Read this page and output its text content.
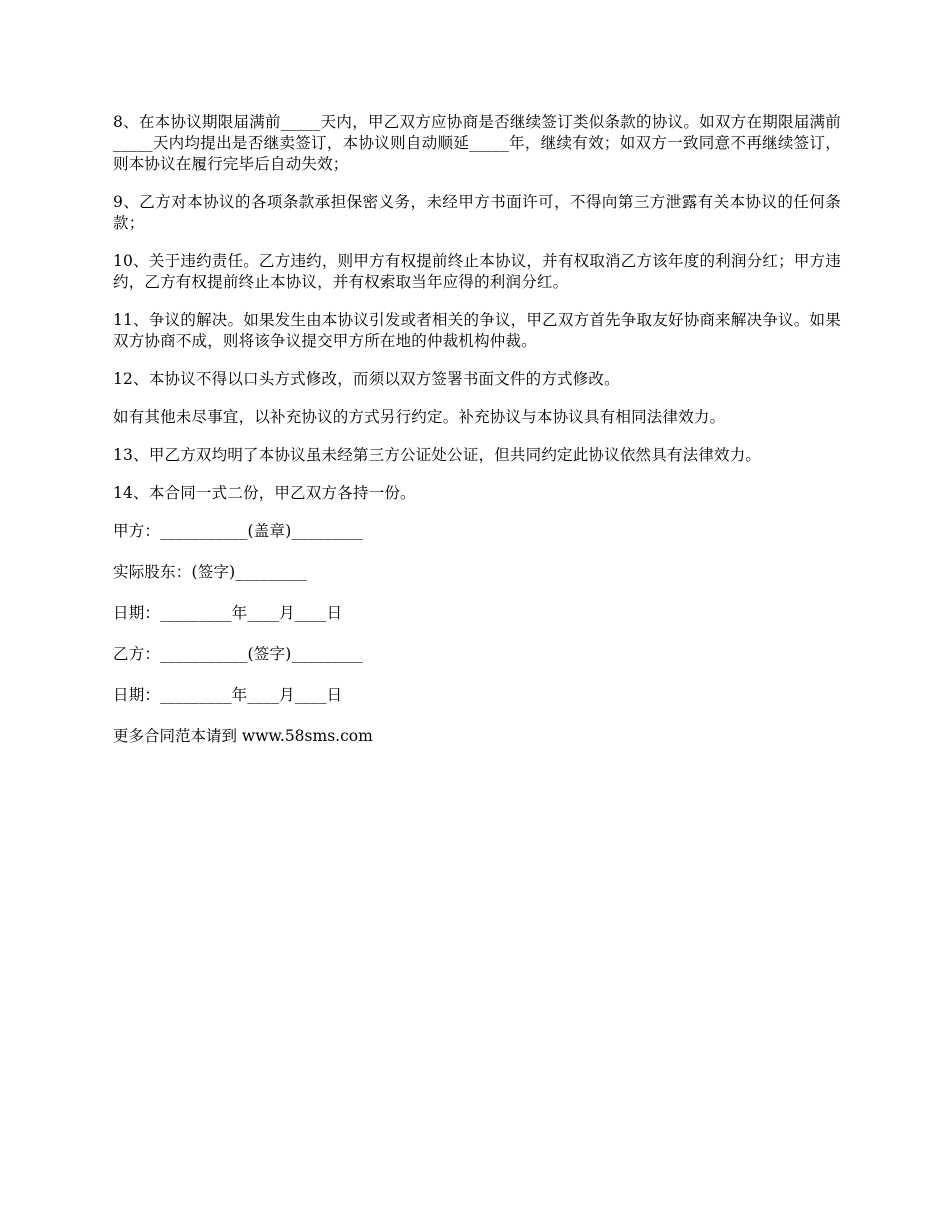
8、在本协议期限届满前_____天内，甲乙双方应协商是否继续签订类似条款的协议。如双方在期限届满前_____天内均提出是否继卖签订，本协议则自动顺延_____年，继续有效；如双方一致同意不再继续签订，则本协议在履行完毕后自动失效；

9、乙方对本协议的各项条款承担保密义务，未经甲方书面许可，不得向第三方泄露有关本协议的任何条款；

10、关于违约责任。乙方违约，则甲方有权提前终止本协议，并有权取消乙方该年度的利润分红；甲方违约，乙方有权提前终止本协议，并有权索取当年应得的利润分红。

11、争议的解决。如果发生由本协议引发或者相关的争议，甲乙双方首先争取友好协商来解决争议。如果双方协商不成，则将该争议提交甲方所在地的仲裁机构仲裁。

12、本协议不得以口头方式修改，而须以双方签署书面文件的方式修改。

如有其他未尽事宜，以补充协议的方式另行约定。补充协议与本协议具有相同法律效力。

13、甲乙方双均明了本协议虽未经第三方公证处公证，但共同约定此协议依然具有法律效力。

14、本合同一式二份，甲乙双方各持一份。

甲方：___________(盖章)_________

实际股东：(签字)_________

日期：_________年____月____日

乙方：___________(签字)_________

日期：_________年____月____日

更多合同范本请到 www.58sms.com
